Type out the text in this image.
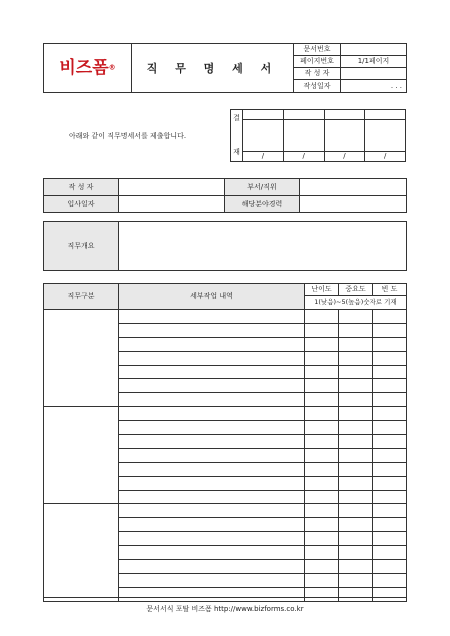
비즈폼®	직 무 명 세 서	문서번호	
		페이지번호	1/1페이지
		작 성 자	
		작성일자	. . .
아래와 같이 직무명세서를 제출합니다.
결

재				

	/	/	/	/
작 성 자		부서/직위	
입사일자		해당분야경력	
직무개요	
직무구분	세부작업 내역	난이도	중요도	빈 도
		1(낮음)~5(높음)숫자로 기재		

문서서식 포탈 비즈폼 http://www.bizforms.co.kr
